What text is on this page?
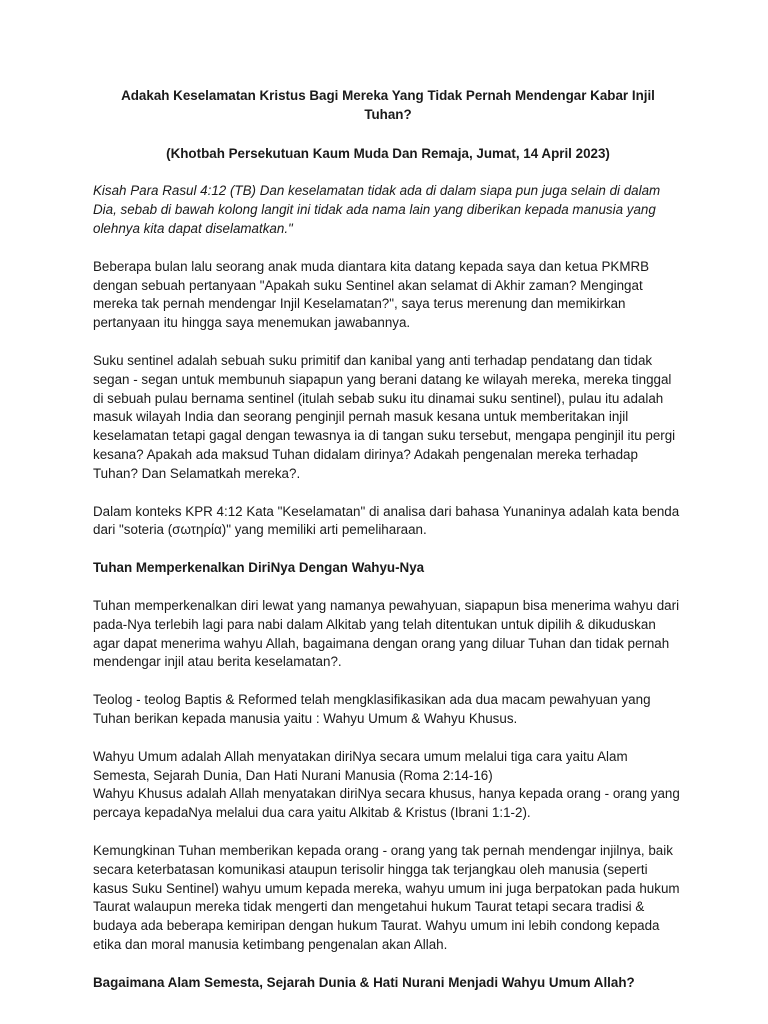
Adakah Keselamatan Kristus Bagi Mereka Yang Tidak Pernah Mendengar Kabar Injil Tuhan?

(Khotbah Persekutuan Kaum Muda Dan Remaja, Jumat, 14 April 2023)

Kisah Para Rasul 4:12 (TB) Dan keselamatan tidak ada di dalam siapa pun juga selain di dalam Dia, sebab di bawah kolong langit ini tidak ada nama lain yang diberikan kepada manusia yang olehnya kita dapat diselamatkan."

Beberapa bulan lalu seorang anak muda diantara kita datang kepada saya dan ketua PKMRB dengan sebuah pertanyaan "Apakah suku Sentinel akan selamat di Akhir zaman? Mengingat mereka tak pernah mendengar Injil Keselamatan?", saya terus merenung dan memikirkan pertanyaan itu hingga saya menemukan jawabannya.

Suku sentinel adalah sebuah suku primitif dan kanibal yang anti terhadap pendatang dan tidak segan - segan untuk membunuh siapapun yang berani datang ke wilayah mereka, mereka tinggal di sebuah pulau bernama sentinel (itulah sebab suku itu dinamai suku sentinel), pulau itu adalah masuk wilayah India dan seorang penginjil pernah masuk kesana untuk memberitakan injil keselamatan tetapi gagal dengan tewasnya ia di tangan suku tersebut, mengapa penginjil itu pergi kesana? Apakah ada maksud Tuhan didalam dirinya? Adakah pengenalan mereka terhadap Tuhan? Dan Selamatkah mereka?.

Dalam konteks KPR 4:12 Kata "Keselamatan" di analisa dari bahasa Yunaninya adalah kata benda dari "soteria (σωτηρία)" yang memiliki arti pemeliharaan.

Tuhan Memperkenalkan DiriNya Dengan Wahyu-Nya

Tuhan memperkenalkan diri lewat yang namanya pewahyuan, siapapun bisa menerima wahyu dari pada-Nya terlebih lagi para nabi dalam Alkitab yang telah ditentukan untuk dipilih & dikuduskan agar dapat menerima wahyu Allah, bagaimana dengan orang yang diluar Tuhan dan tidak pernah mendengar injil atau berita keselamatan?.

Teolog - teolog Baptis & Reformed telah mengklasifikasikan ada dua macam pewahyuan yang Tuhan berikan kepada manusia yaitu : Wahyu Umum & Wahyu Khusus.

Wahyu Umum adalah Allah menyatakan diriNya secara umum melalui tiga cara yaitu Alam Semesta, Sejarah Dunia, Dan Hati Nurani Manusia (Roma 2:14-16)

Wahyu Khusus adalah Allah menyatakan diriNya secara khusus, hanya kepada orang - orang yang percaya kepadaNya melalui dua cara yaitu Alkitab & Kristus (Ibrani 1:1-2).

Kemungkinan Tuhan memberikan kepada orang - orang yang tak pernah mendengar injilnya, baik secara keterbatasan komunikasi ataupun terisolir hingga tak terjangkau oleh manusia (seperti kasus Suku Sentinel) wahyu umum kepada mereka, wahyu umum ini juga berpatokan pada hukum Taurat walaupun mereka tidak mengerti dan mengetahui hukum Taurat tetapi secara tradisi & budaya ada beberapa kemiripan dengan hukum Taurat. Wahyu umum ini lebih condong kepada etika dan moral manusia ketimbang pengenalan akan Allah.

Bagaimana Alam Semesta, Sejarah Dunia & Hati Nurani Menjadi Wahyu Umum Allah?
